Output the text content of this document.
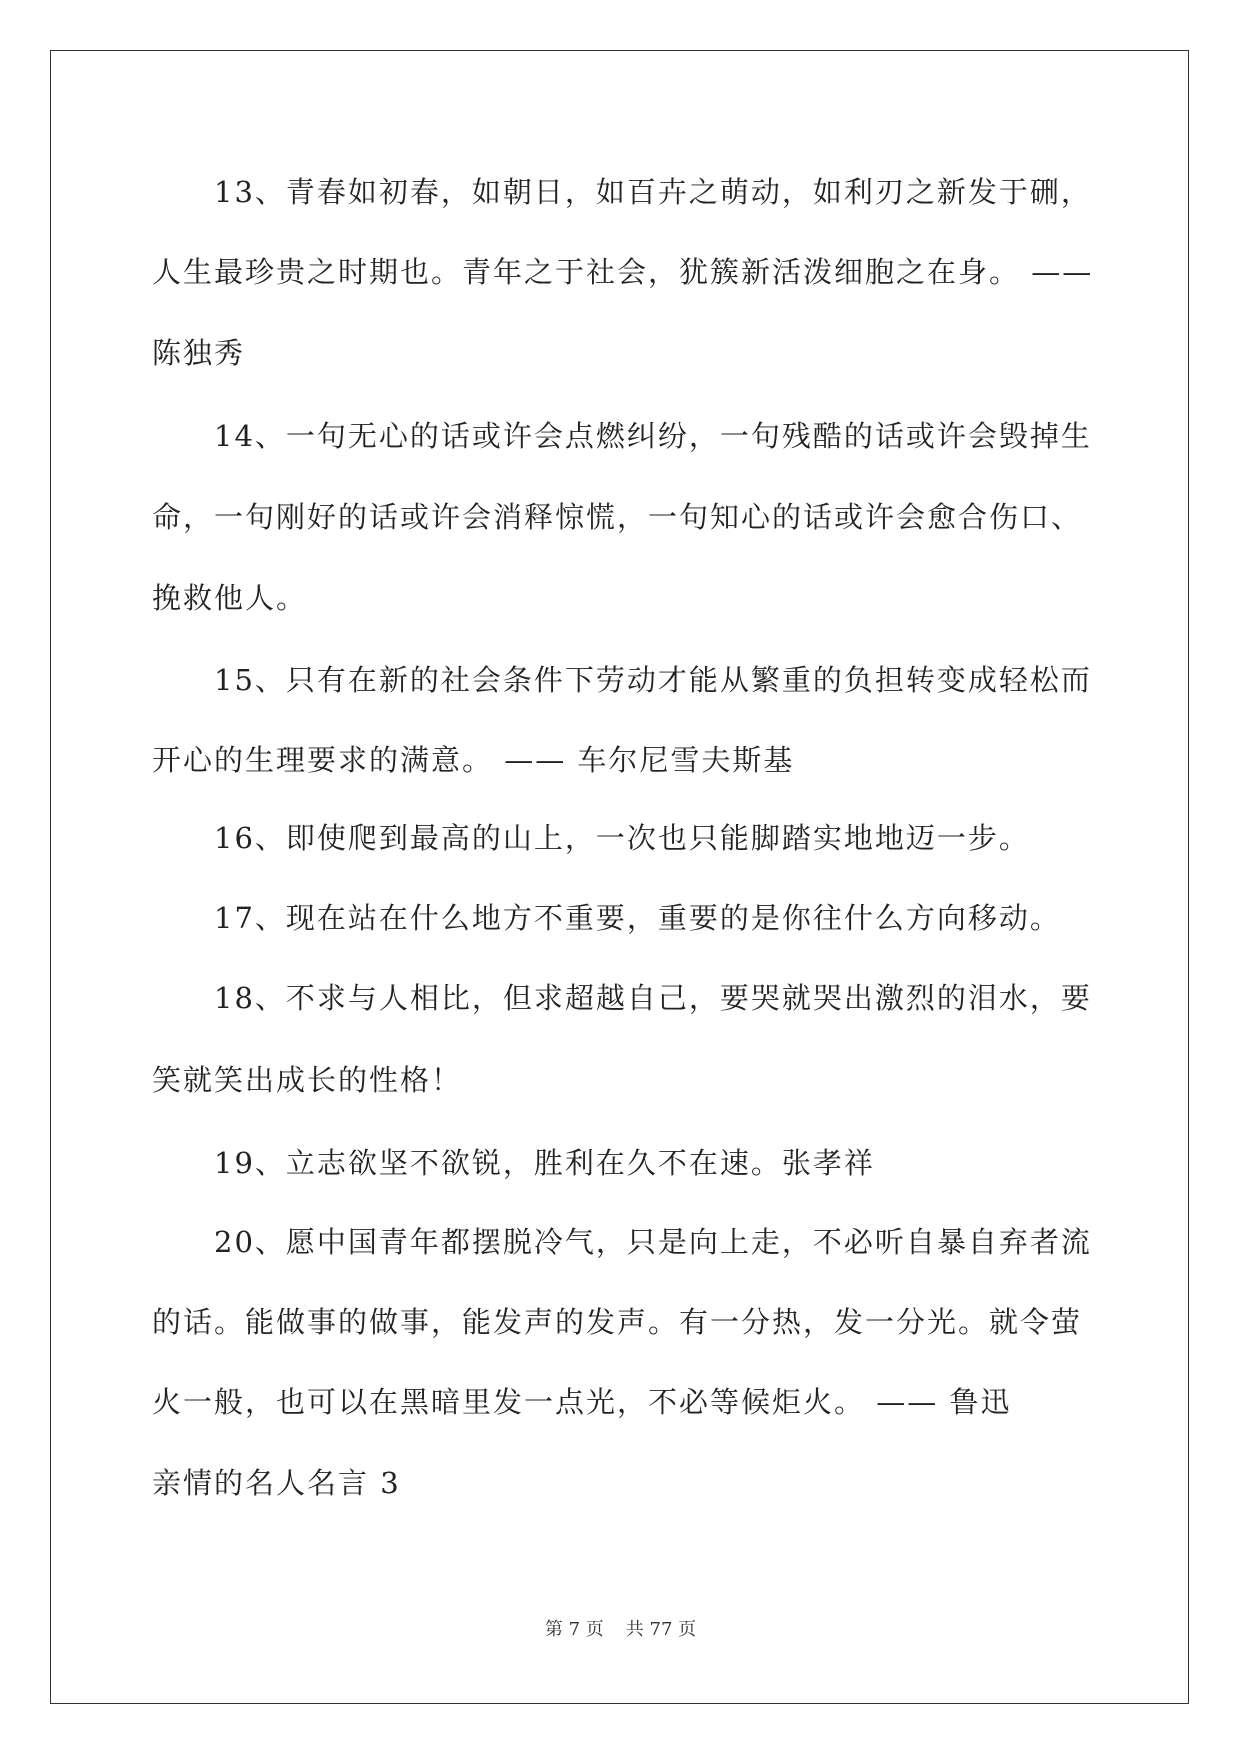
　　13、青春如初春，如朝日，如百卉之萌动，如利刃之新发于硎，
人生最珍贵之时期也。青年之于社会，犹簇新活泼细胞之在身。 ——
陈独秀
　　14、一句无心的话或许会点燃纠纷，一句残酷的话或许会毁掉生
命，一句刚好的话或许会消释惊慌，一句知心的话或许会愈合伤口、
挽救他人。
　　15、只有在新的社会条件下劳动才能从繁重的负担转变成轻松而
开心的生理要求的满意。 —— 车尔尼雪夫斯基
　　16、即使爬到最高的山上，一次也只能脚踏实地地迈一步。
　　17、现在站在什么地方不重要，重要的是你往什么方向移动。
　　18、不求与人相比，但求超越自己，要哭就哭出激烈的泪水，要
笑就笑出成长的性格！
　　19、立志欲坚不欲锐，胜利在久不在速。张孝祥
　　20、愿中国青年都摆脱冷气，只是向上走，不必听自暴自弃者流
的话。能做事的做事，能发声的发声。有一分热，发一分光。就令萤
火一般，也可以在黑暗里发一点光，不必等候炬火。 —— 鲁迅
亲情的名人名言 3
第 7 页 共 77 页
